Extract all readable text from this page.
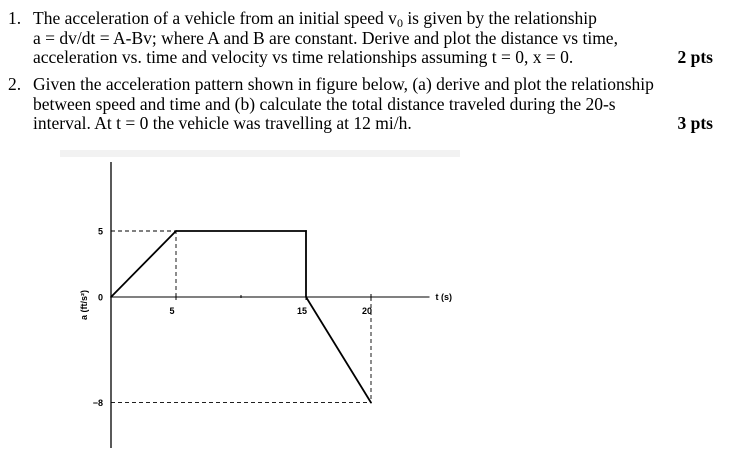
1. The acceleration of a vehicle from an initial speed $v_0$ is given by the relationship
a = dv/dt = A-Bv; where A and B are constant. Derive and plot the distance vs time,
acceleration vs. time and velocity vs time relationships assuming t = 0, x = 0.	2 pts
2. Given the acceleration pattern shown in figure below, (a) derive and plot the relationship
between speed and time and (b) calculate the total distance traveled during the 20-s
interval. At t = 0 the vehicle was travelling at 12 mi/h.	3 pts
5
0
−8
5	15	20
t (s)
a (ft/s²)
